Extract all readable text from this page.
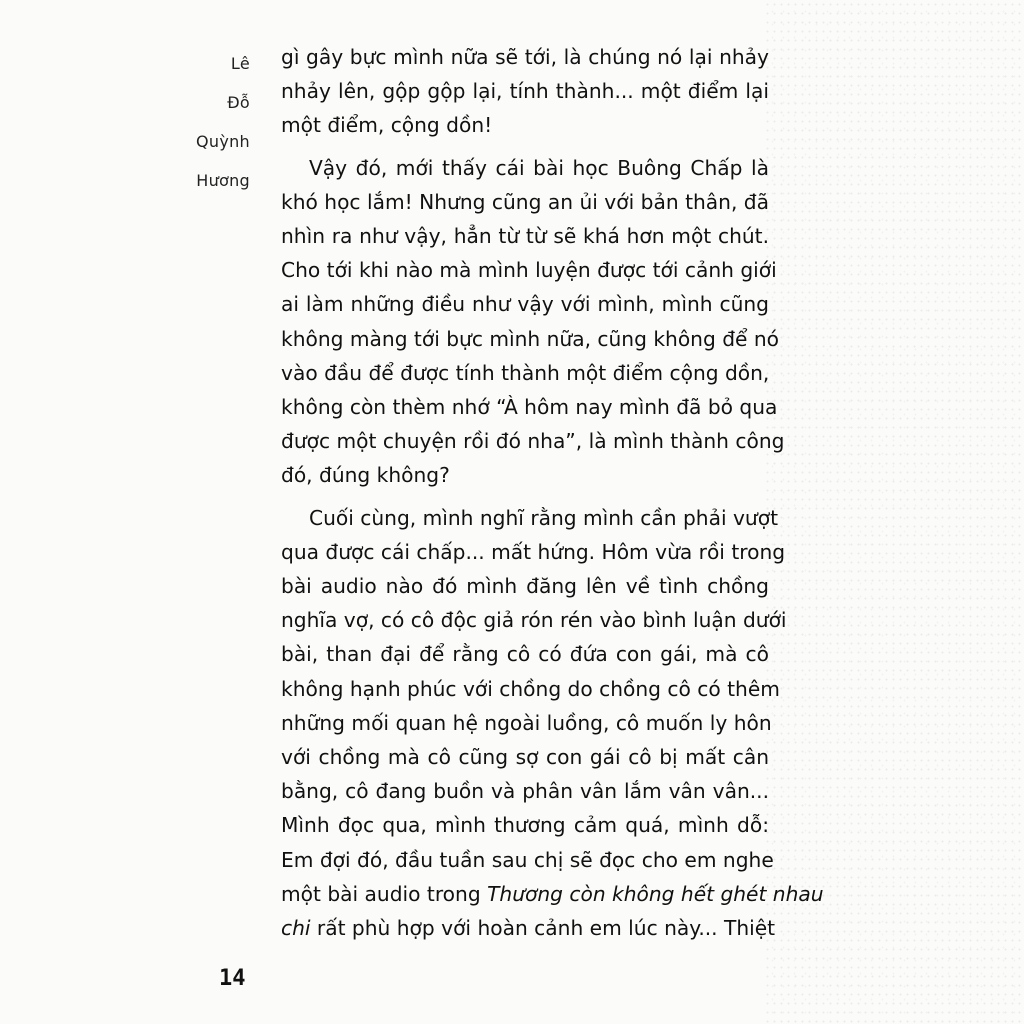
Lê
Đỗ
Quỳnh
Hương
gì gây bực mình nữa sẽ tới, là chúng nó lại nhảy
nhảy lên, gộp gộp lại, tính thành... một điểm lại
một điểm, cộng dồn!
Vậy đó, mới thấy cái bài học Buông Chấp là
khó học lắm! Nhưng cũng an ủi với bản thân, đã
nhìn ra như vậy, hẳn từ từ sẽ khá hơn một chút.
Cho tới khi nào mà mình luyện được tới cảnh giới
ai làm những điều như vậy với mình, mình cũng
không màng tới bực mình nữa, cũng không để nó
vào đầu để được tính thành một điểm cộng dồn,
không còn thèm nhớ “À hôm nay mình đã bỏ qua
được một chuyện rồi đó nha”, là mình thành công
đó, đúng không?
Cuối cùng, mình nghĩ rằng mình cần phải vượt
qua được cái chấp... mất hứng. Hôm vừa rồi trong
bài audio nào đó mình đăng lên về tình chồng
nghĩa vợ, có cô độc giả rón rén vào bình luận dưới
bài, than đại để rằng cô có đứa con gái, mà cô
không hạnh phúc với chồng do chồng cô có thêm
những mối quan hệ ngoài luồng, cô muốn ly hôn
với chồng mà cô cũng sợ con gái cô bị mất cân
bằng, cô đang buồn và phân vân lắm vân vân...
Mình đọc qua, mình thương cảm quá, mình dỗ:
Em đợi đó, đầu tuần sau chị sẽ đọc cho em nghe
một bài audio trong Thương còn không hết ghét nhau
chi rất phù hợp với hoàn cảnh em lúc này... Thiệt
14
